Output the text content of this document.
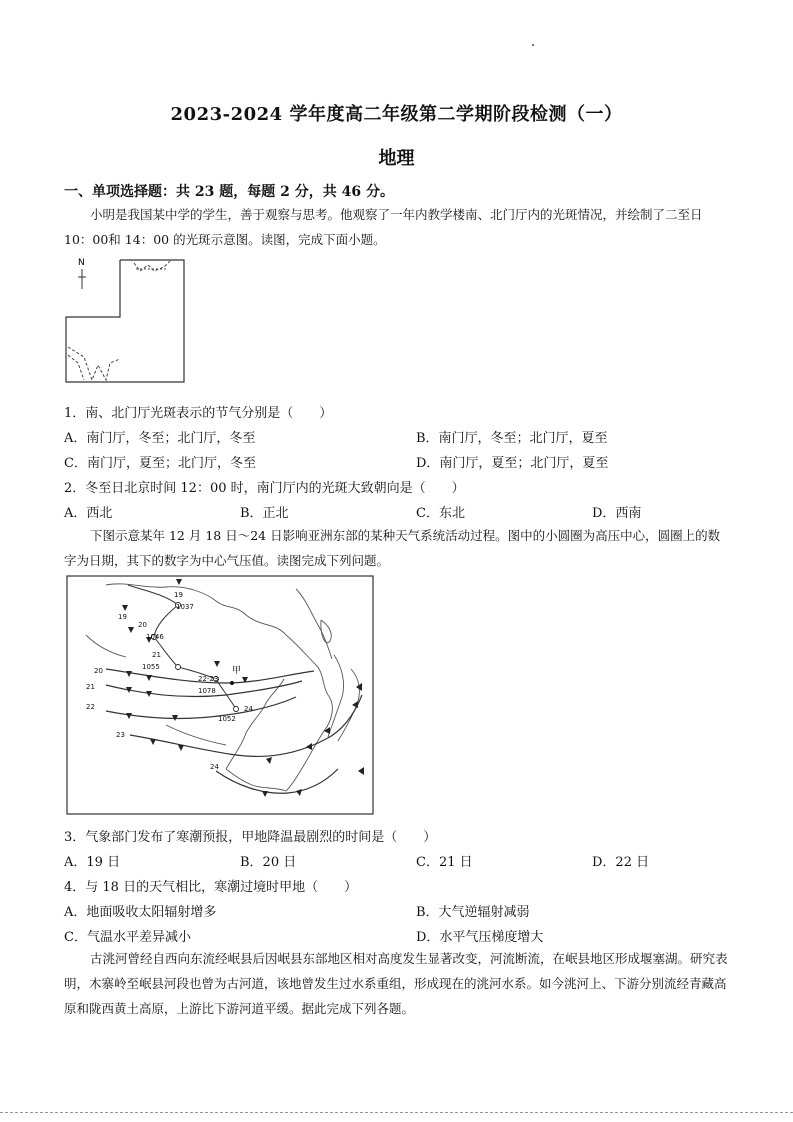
2023-2024 学年度高二年级第二学期阶段检测（一）
地理
一、单项选择题：共 23 题，每题 2 分，共 46 分。
小明是我国某中学的学生，善于观察与思考。他观察了一年内教学楼南、北门厅内的光斑情况，并绘制了二至日 10：00和 14：00 的光斑示意图。读图，完成下面小题。
N
1．南、北门厅光斑表示的节气分别是（　　）
A．南门厅，冬至；北门厅，冬至	B．南门厅，冬至；北门厅，夏至
C．南门厅，夏至；北门厅，冬至	D．南门厅，夏至；北门厅，夏至
2．冬至日北京时间 12：00 时，南门厅内的光斑大致朝向是（　　）
A．西北	B．正北	C．东北	D．西南
下图示意某年 12 月 18 日～24 日影响亚洲东部的某种天气系统活动过程。图中的小圆圈为高压中心，圆圈上的数字为日期，其下的数字为中心气压值。读图完成下列问题。
19
1037
19
20
1046
21
1055
22-23
1078
1052
24
20
21
22
23
24
甲
3．气象部门发布了寒潮预报，甲地降温最剧烈的时间是（　　）
A．19 日	B．20 日	C．21 日	D．22 日
4．与 18 日的天气相比，寒潮过境时甲地（　　）
A．地面吸收太阳辐射增多	B．大气逆辐射减弱
C．气温水平差异减小	D．水平气压梯度增大
古洮河曾经自西向东流经岷县后因岷县东部地区相对高度发生显著改变，河流断流，在岷县地区形成堰塞湖。研究表明，木寨岭至岷县河段也曾为古河道，该地曾发生过水系重组，形成现在的洮河水系。如今洮河上、下游分别流经青藏高原和陇西黄土高原，上游比下游河道平缓。据此完成下列各题。
